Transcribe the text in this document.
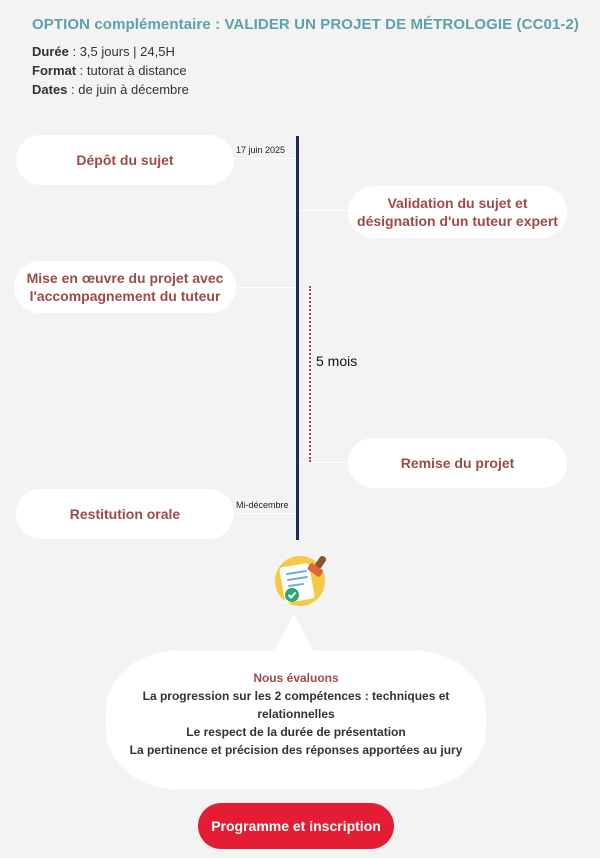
OPTION complémentaire : VALIDER UN PROJET DE MÉTROLOGIE (CC01-2)
Durée : 3,5 jours | 24,5H
Format : tutorat à distance
Dates : de juin à décembre
Dépôt du sujet
17 juin 2025
Validation du sujet et
désignation d'un tuteur expert
Mise en œuvre du projet avec
l'accompagnement du tuteur
5 mois
Remise du projet
Restitution orale
Mi-décembre
Nous évaluons
La progression sur les 2 compétences : techniques et
relationnelles
Le respect de la durée de présentation
La pertinence et précision des réponses apportées au jury
Programme et inscription
